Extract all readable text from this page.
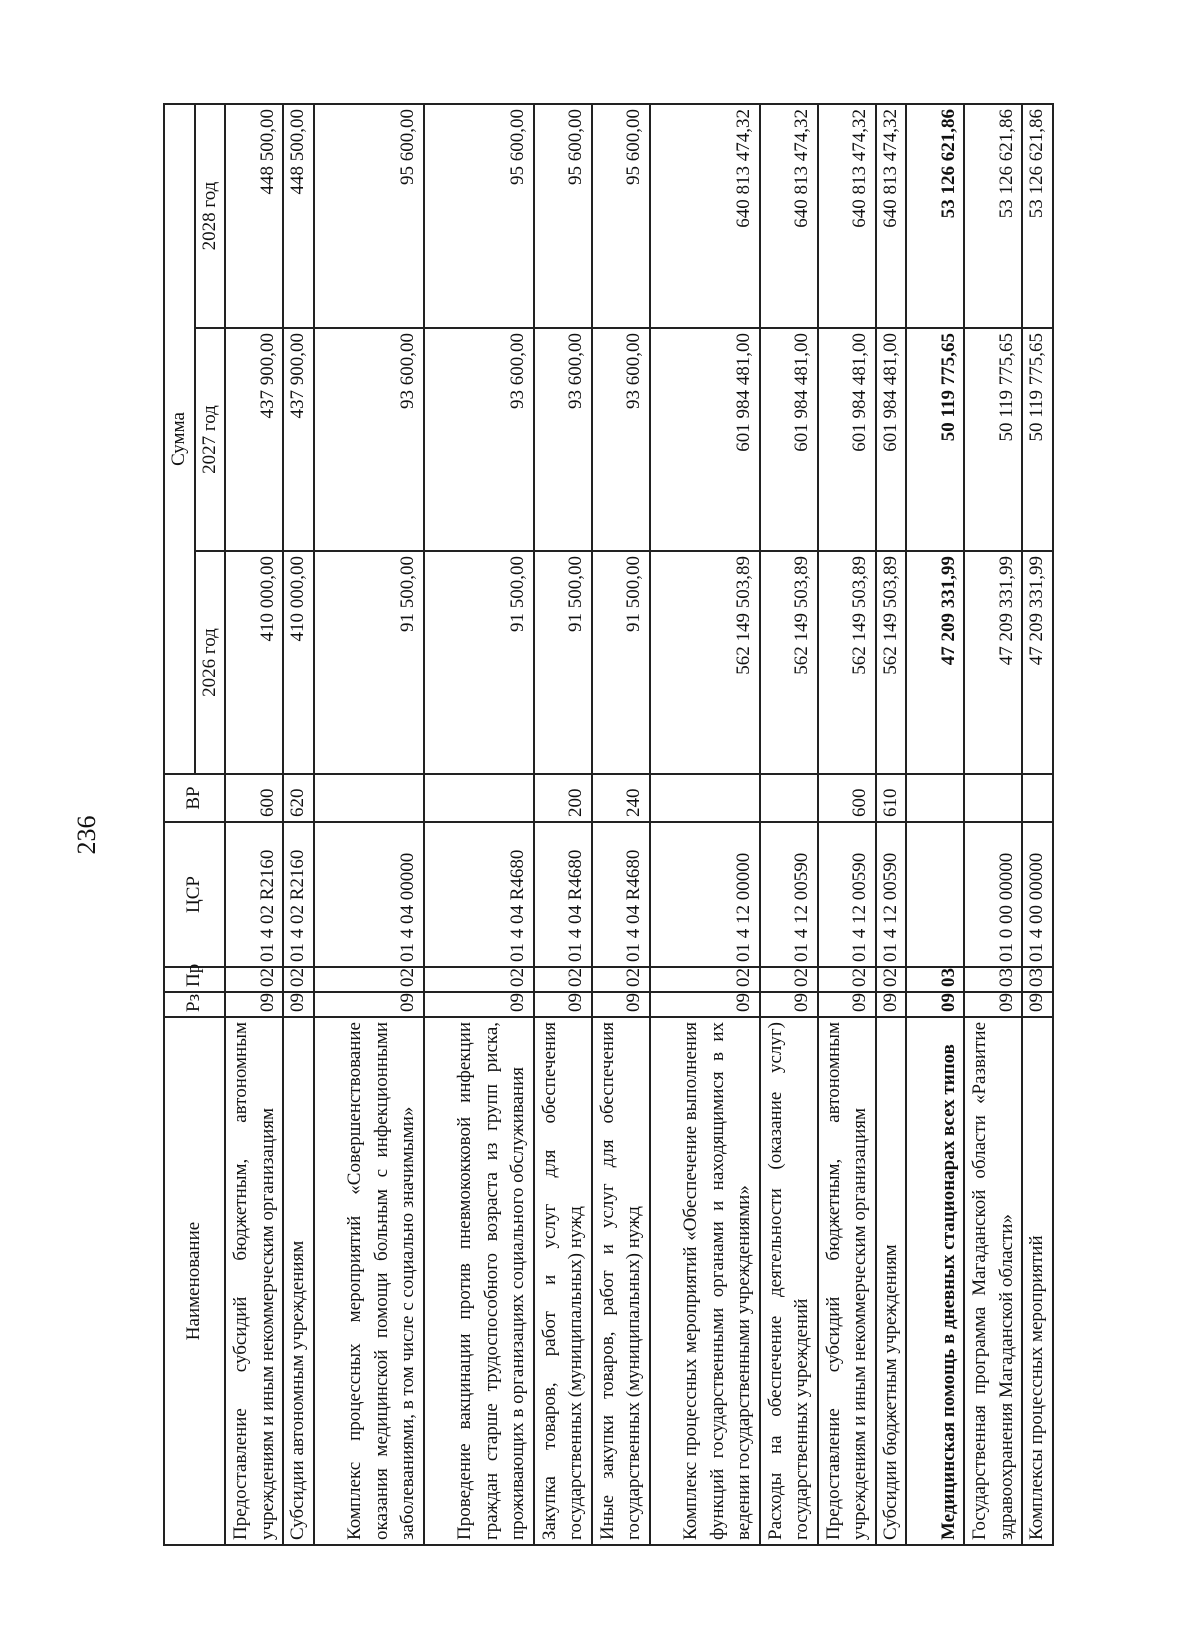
236
Наименование	Рз	Пр	ЦСР	ВР	Сумма		
					2026 год	2027 год	2028 год
Предоставление субсидий бюджетным, автономным учреждениям и иным некоммерческим организациям	09	02	01 4 02 R2160	600	410 000,00	437 900,00	448 500,00
Субсидии автономным учреждениям	09	02	01 4 02 R2160	620	410 000,00	437 900,00	448 500,00
Комплекс процессных мероприятий «Совершенствование оказания медицинской помощи больным с инфекционными заболеваниями, в том числе с социально значимыми»	09	02	01 4 04 00000		91 500,00	93 600,00	95 600,00
Проведение вакцинации против пневмококковой инфекции граждан старше трудоспособного возраста из групп риска, проживающих в организациях социального обслуживания	09	02	01 4 04 R4680		91 500,00	93 600,00	95 600,00
Закупка товаров, работ и услуг для обеспечения государственных (муниципальных) нужд	09	02	01 4 04 R4680	200	91 500,00	93 600,00	95 600,00
Иные закупки товаров, работ и услуг для обеспечения государственных (муниципальных) нужд	09	02	01 4 04 R4680	240	91 500,00	93 600,00	95 600,00
Комплекс процессных мероприятий «Обеспечение выполнения функций государственными органами и находящимися в их ведении государственными учреждениями»	09	02	01 4 12 00000		562 149 503,89	601 984 481,00	640 813 474,32
Расходы на обеспечение деятельности (оказание услуг) государственных учреждений	09	02	01 4 12 00590		562 149 503,89	601 984 481,00	640 813 474,32
Предоставление субсидий бюджетным, автономным учреждениям и иным некоммерческим организациям	09	02	01 4 12 00590	600	562 149 503,89	601 984 481,00	640 813 474,32
Субсидии бюджетным учреждениям	09	02	01 4 12 00590	610	562 149 503,89	601 984 481,00	640 813 474,32
Медицинская помощь в дневных стационарах всех типов	09	03			47 209 331,99	50 119 775,65	53 126 621,86
Государственная программа Магаданской области «Развитие здравоохранения Магаданской области»	09	03	01 0 00 00000		47 209 331,99	50 119 775,65	53 126 621,86
Комплексы процессных мероприятий	09	03	01 4 00 00000		47 209 331,99	50 119 775,65	53 126 621,86
